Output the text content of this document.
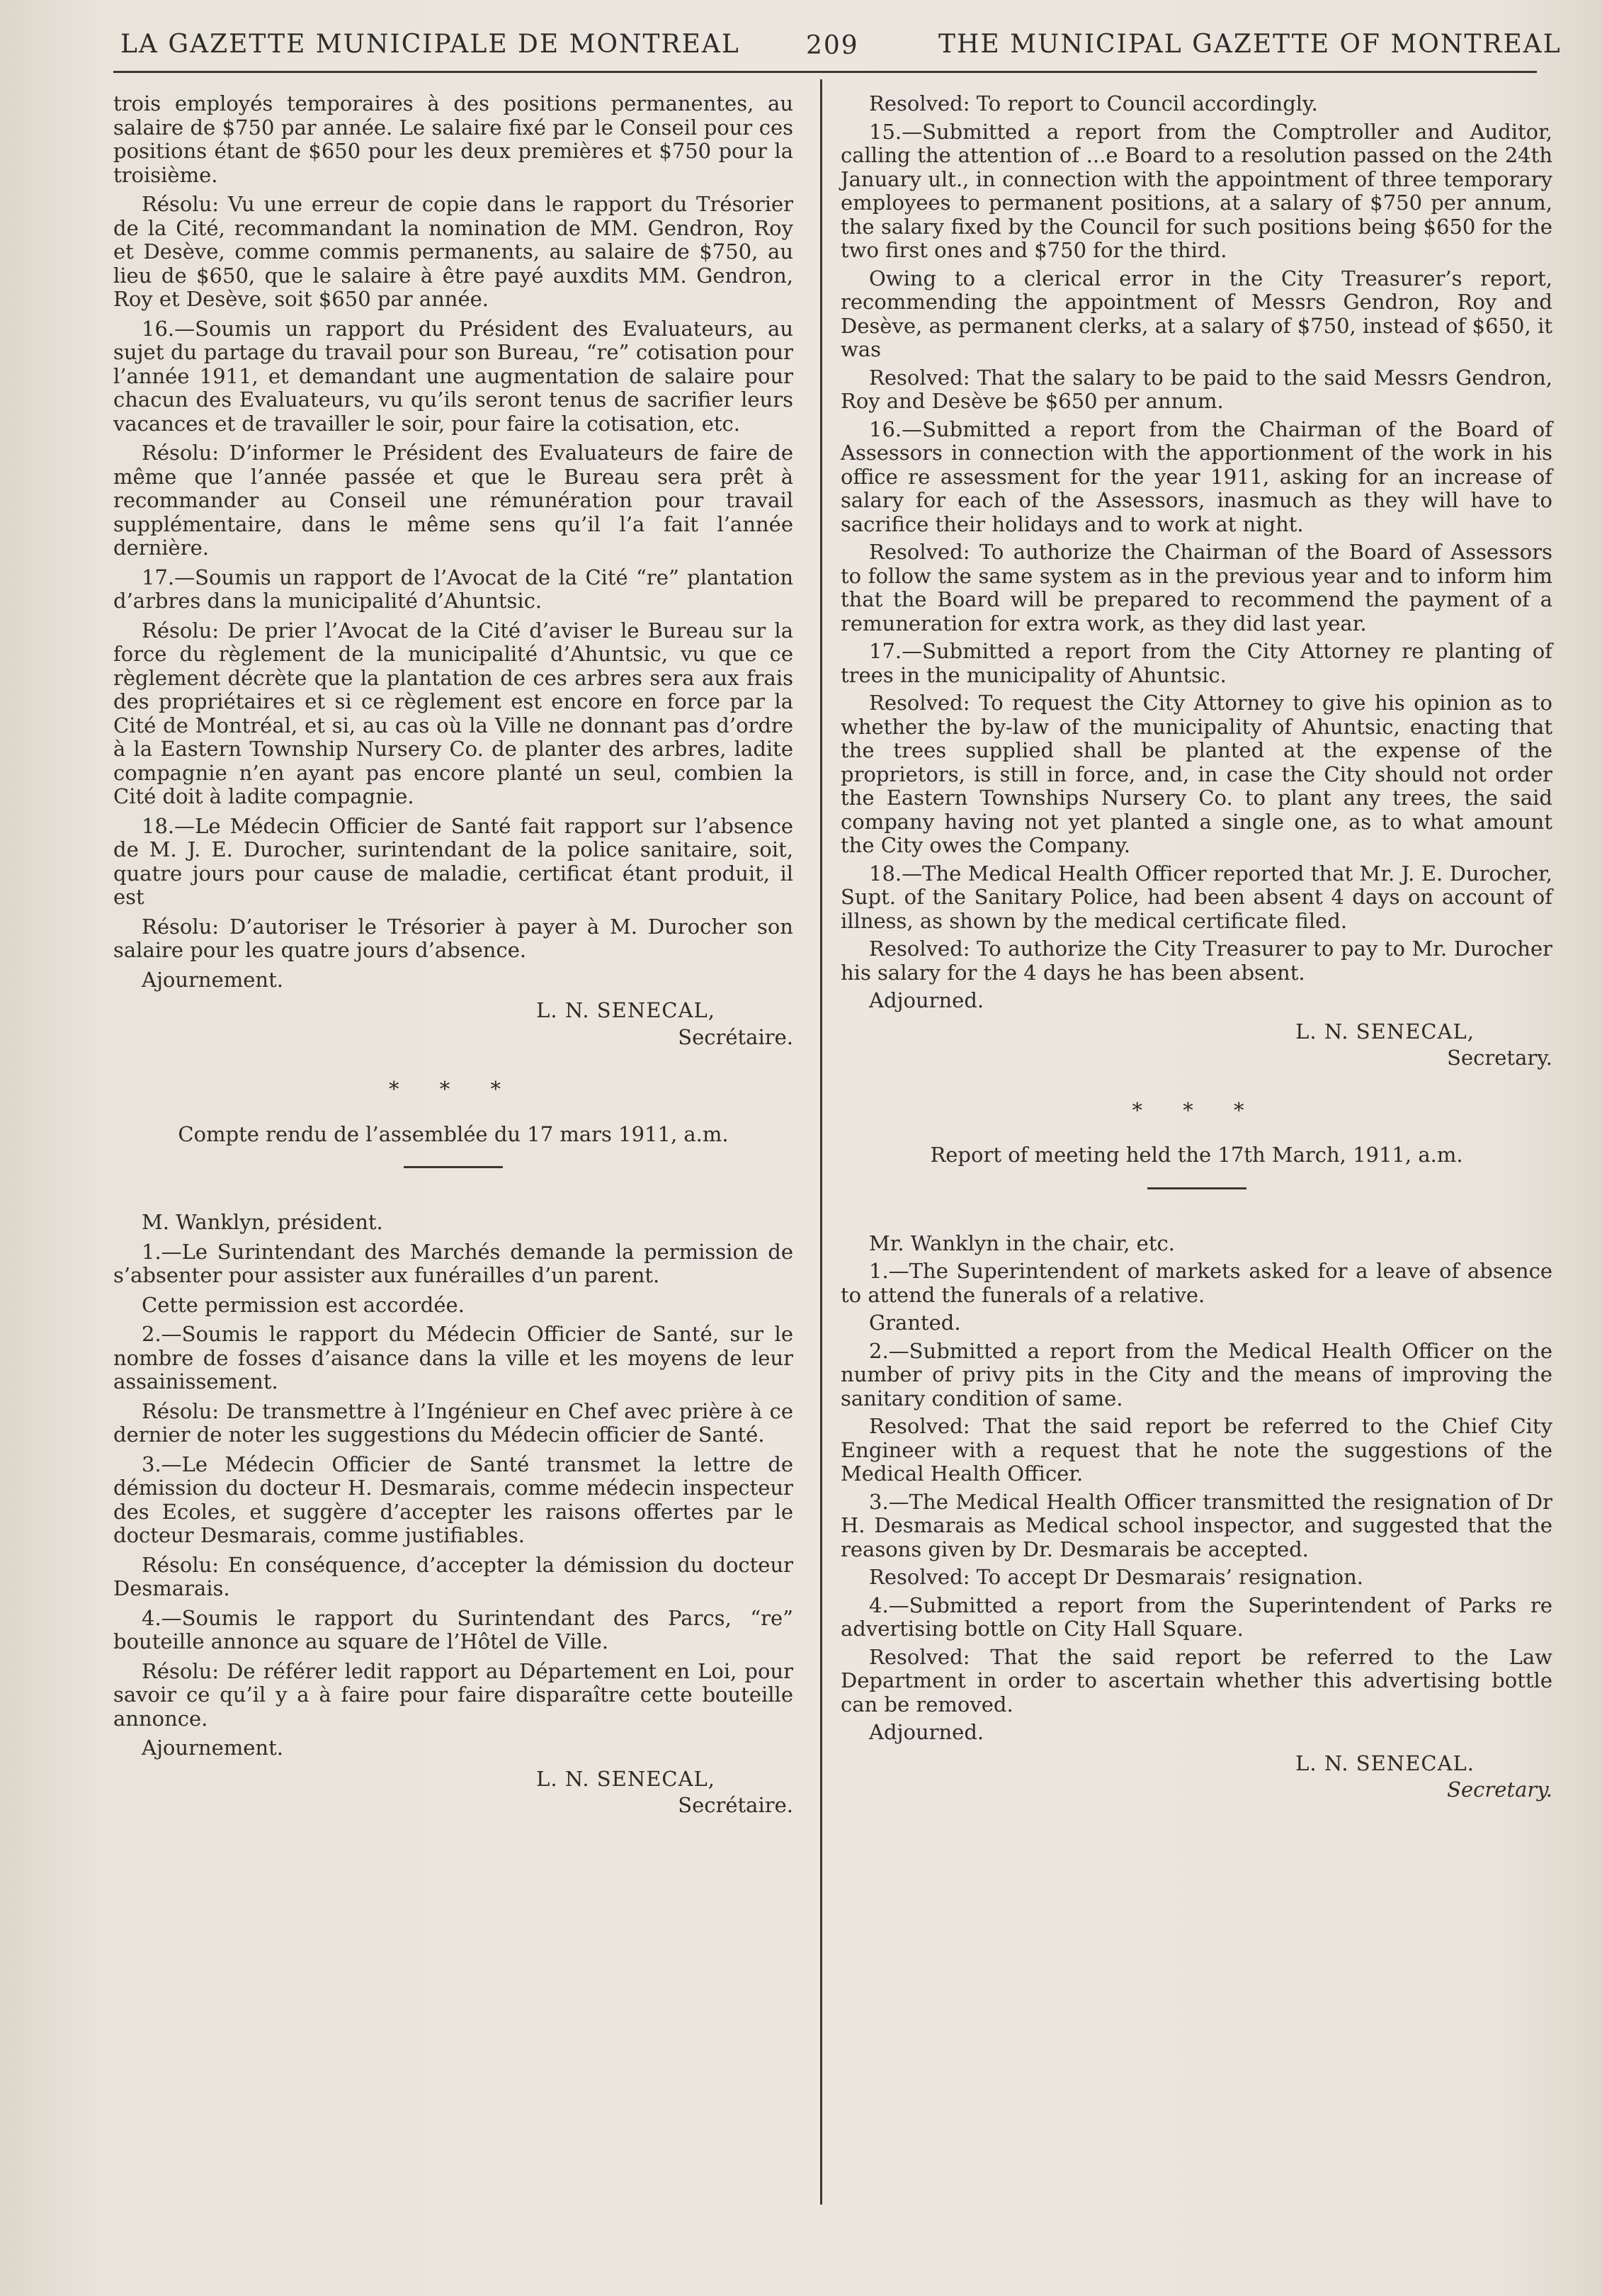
LA GAZETTE MUNICIPALE DE MONTREAL	209	THE MUNICIPAL GAZETTE OF MONTREAL

trois employés temporaires à des positions permanentes, au salaire de $750 par année. Le salaire fixé par le Conseil pour ces positions étant de $650 pour les deux premières et $750 pour la troisième.

Résolu: Vu une erreur de copie dans le rapport du Trésorier de la Cité, recommandant la nomination de MM. Gendron, Roy et Desève, comme commis permanents, au salaire de $750, au lieu de $650, que le salaire à être payé auxdits MM. Gendron, Roy et Desève, soit $650 par année.

16.—Soumis un rapport du Président des Evaluateurs, au sujet du partage du travail pour son Bureau, “re” cotisation pour l’année 1911, et demandant une augmentation de salaire pour chacun des Evaluateurs, vu qu’ils seront tenus de sacrifier leurs vacances et de travailler le soir, pour faire la cotisation, etc.

Résolu: D’informer le Président des Evaluateurs de faire de même que l’année passée et que le Bureau sera prêt à recommander au Conseil une rémunération pour travail supplémentaire, dans le même sens qu’il l’a fait l’année dernière.

17.—Soumis un rapport de l’Avocat de la Cité “re” plantation d’arbres dans la municipalité d’Ahuntsic.

Résolu: De prier l’Avocat de la Cité d’aviser le Bureau sur la force du règlement de la municipalité d’Ahuntsic, vu que ce règlement décrète que la plantation de ces arbres sera aux frais des propriétaires et si ce règlement est encore en force par la Cité de Montréal, et si, au cas où la Ville ne donnant pas d’ordre à la Eastern Township Nursery Co. de planter des arbres, ladite compagnie n’en ayant pas encore planté un seul, combien la Cité doit à ladite compagnie.

18.—Le Médecin Officier de Santé fait rapport sur l’absence de M. J. E. Durocher, surintendant de la police sanitaire, soit, quatre jours pour cause de maladie, certificat étant produit, il est

Résolu: D’autoriser le Trésorier à payer à M. Durocher son salaire pour les quatre jours d’absence.

Ajournement.

L. N. SENECAL,
Secrétaire.
* * *
Compte rendu de l’assemblée du 17 mars 1911, a.m.

M. Wanklyn, président.

1.—Le Surintendant des Marchés demande la permission de s’absenter pour assister aux funérailles d’un parent.

Cette permission est accordée.

2.—Soumis le rapport du Médecin Officier de Santé, sur le nombre de fosses d’aisance dans la ville et les moyens de leur assainissement.

Résolu: De transmettre à l’Ingénieur en Chef avec prière à ce dernier de noter les suggestions du Médecin officier de Santé.

3.—Le Médecin Officier de Santé transmet la lettre de démission du docteur H. Desmarais, comme médecin inspecteur des Ecoles, et suggère d’accepter les raisons offertes par le docteur Desmarais, comme justifiables.

Résolu: En conséquence, d’accepter la démission du docteur Desmarais.

4.—Soumis le rapport du Surintendant des Parcs, “re” bouteille annonce au square de l’Hôtel de Ville.

Résolu: De référer ledit rapport au Département en Loi, pour savoir ce qu’il y a à faire pour faire disparaître cette bouteille annonce.

Ajournement.

L. N. SENECAL,
Secrétaire.

Resolved: To report to Council accordingly.

15.—Submitted a report from the Comptroller and Auditor, calling the attention of ...e Board to a resolution passed on the 24th January ult., in connection with the appointment of three temporary employees to permanent positions, at a salary of $750 per annum, the salary fixed by the Council for such positions being $650 for the two first ones and $750 for the third.

Owing to a clerical error in the City Treasurer’s report, recommending the appointment of Messrs Gendron, Roy and Desève, as permanent clerks, at a salary of $750, instead of $650, it was

Resolved: That the salary to be paid to the said Messrs Gendron, Roy and Desève be $650 per annum.

16.—Submitted a report from the Chairman of the Board of Assessors in connection with the apportionment of the work in his office re assessment for the year 1911, asking for an increase of salary for each of the Assessors, inasmuch as they will have to sacrifice their holidays and to work at night.

Resolved: To authorize the Chairman of the Board of Assessors to follow the same system as in the previous year and to inform him that the Board will be prepared to recommend the payment of a remuneration for extra work, as they did last year.

17.—Submitted a report from the City Attorney re planting of trees in the municipality of Ahuntsic.

Resolved: To request the City Attorney to give his opinion as to whether the by-law of the municipality of Ahuntsic, enacting that the trees supplied shall be planted at the expense of the proprietors, is still in force, and, in case the City should not order the Eastern Townships Nursery Co. to plant any trees, the said company having not yet planted a single one, as to what amount the City owes the Company.

18.—The Medical Health Officer reported that Mr. J. E. Durocher, Supt. of the Sanitary Police, had been absent 4 days on account of illness, as shown by the medical certificate filed.

Resolved: To authorize the City Treasurer to pay to Mr. Durocher his salary for the 4 days he has been absent.

Adjourned.

L. N. SENECAL,
Secretary.
* * *
Report of meeting held the 17th March, 1911, a.m.

Mr. Wanklyn in the chair, etc.

1.—The Superintendent of markets asked for a leave of absence to attend the funerals of a relative.

Granted.

2.—Submitted a report from the Medical Health Officer on the number of privy pits in the City and the means of improving the sanitary condition of same.

Resolved: That the said report be referred to the Chief City Engineer with a request that he note the suggestions of the Medical Health Officer.

3.—The Medical Health Officer transmitted the resignation of Dr H. Desmarais as Medical school inspector, and suggested that the reasons given by Dr. Desmarais be accepted.

Resolved: To accept Dr Desmarais’ resignation.

4.—Submitted a report from the Superintendent of Parks re advertising bottle on City Hall Square.

Resolved: That the said report be referred to the Law Department in order to ascertain whether this advertising bottle can be removed.

Adjourned.

L. N. SENECAL.
Secretary.
